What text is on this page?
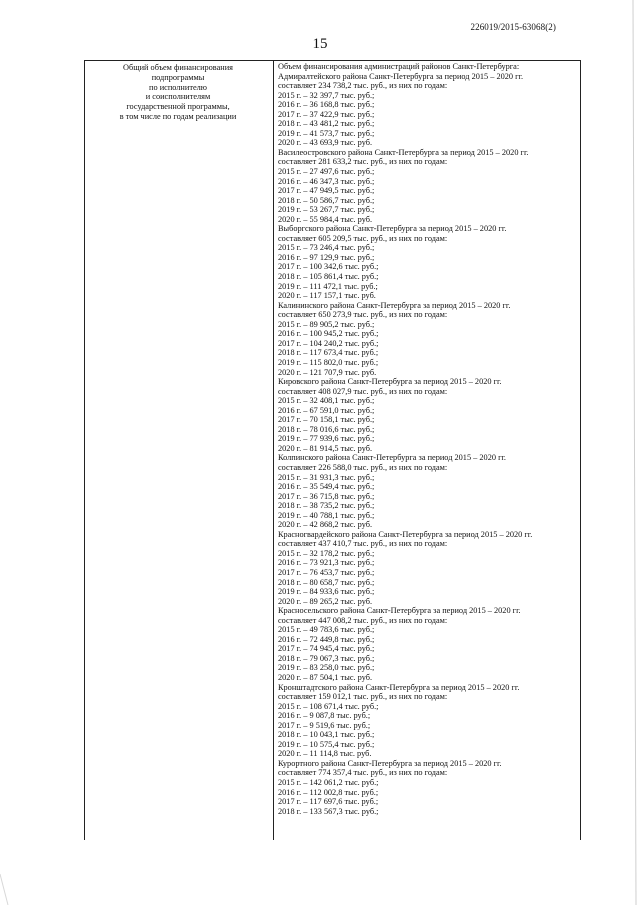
226019/2015-63068(2)
15
Общий объем финансирования
подпрограммы
по исполнителю
и соисполнителям
государственной программы,
в том числе по годам реализации
Объем финансирования администраций районов Санкт-Петербурга:
Адмиралтейского района Санкт-Петербурга за период 2015 – 2020 гг.
составляет 234 738,2 тыс. руб., из них по годам:
2015 г. – 32 397,7 тыс. руб.;
2016 г. – 36 168,8 тыс. руб.;
2017 г. – 37 422,9 тыс. руб.;
2018 г. – 43 481,2 тыс. руб.;
2019 г. – 41 573,7 тыс. руб.;
2020 г. – 43 693,9 тыс. руб.
Василеостровского района Санкт-Петербурга за период 2015 – 2020 гг.
составляет 281 633,2 тыс. руб., из них по годам:
2015 г. – 27 497,6 тыс. руб.;
2016 г. – 46 347,3 тыс. руб.;
2017 г. – 47 949,5 тыс. руб.;
2018 г. – 50 586,7 тыс. руб.;
2019 г. – 53 267,7 тыс. руб.;
2020 г. – 55 984,4 тыс. руб.
Выборгского района Санкт-Петербурга за период 2015 – 2020 гг.
составляет 605 209,5 тыс. руб., из них по годам:
2015 г. – 73 246,4 тыс. руб.;
2016 г. – 97 129,9 тыс. руб.;
2017 г. – 100 342,6 тыс. руб.;
2018 г. – 105 861,4 тыс. руб.;
2019 г. – 111 472,1 тыс. руб.;
2020 г. – 117 157,1 тыс. руб.
Калининского района Санкт-Петербурга за период 2015 – 2020 гг.
составляет 650 273,9 тыс. руб., из них по годам:
2015 г. – 89 905,2 тыс. руб.;
2016 г. – 100 945,2 тыс. руб.;
2017 г. – 104 240,2 тыс. руб.;
2018 г. – 117 673,4 тыс. руб.;
2019 г. – 115 802,0 тыс. руб.;
2020 г. – 121 707,9 тыс. руб.
Кировского района Санкт-Петербурга за период 2015 – 2020 гг.
составляет 408 027,9 тыс. руб., из них по годам:
2015 г. – 32 408,1 тыс. руб.;
2016 г. – 67 591,0 тыс. руб.;
2017 г. – 70 158,1 тыс. руб.;
2018 г. – 78 016,6 тыс. руб.;
2019 г. – 77 939,6 тыс. руб.;
2020 г. – 81 914,5 тыс. руб.
Колпинского района Санкт-Петербурга за период 2015 – 2020 гг.
составляет 226 588,0 тыс. руб., из них по годам:
2015 г. – 31 931,3 тыс. руб.;
2016 г. – 35 549,4 тыс. руб.;
2017 г. – 36 715,8 тыс. руб.;
2018 г. – 38 735,2 тыс. руб.;
2019 г. – 40 788,1 тыс. руб.;
2020 г. – 42 868,2 тыс. руб.
Красногвардейского района Санкт-Петербурга за период 2015 – 2020 гг.
составляет 437 410,7 тыс. руб., из них по годам:
2015 г. – 32 178,2 тыс. руб.;
2016 г. – 73 921,3 тыс. руб.;
2017 г. – 76 453,7 тыс. руб.;
2018 г. – 80 658,7 тыс. руб.;
2019 г. – 84 933,6 тыс. руб.;
2020 г. – 89 265,2 тыс. руб.
Красносельского района Санкт-Петербурга за период 2015 – 2020 гг.
составляет 447 008,2 тыс. руб., из них по годам:
2015 г. – 49 783,6 тыс. руб.;
2016 г. – 72 449,8 тыс. руб.;
2017 г. – 74 945,4 тыс. руб.;
2018 г. – 79 067,3 тыс. руб.;
2019 г. – 83 258,0 тыс. руб.;
2020 г. – 87 504,1 тыс. руб.
Кронштадтского района Санкт-Петербурга за период 2015 – 2020 гг.
составляет 159 012,1 тыс. руб., из них по годам:
2015 г. – 108 671,4 тыс. руб.;
2016 г. – 9 087,8 тыс. руб.;
2017 г. – 9 519,6 тыс. руб.;
2018 г. – 10 043,1 тыс. руб.;
2019 г. – 10 575,4 тыс. руб.;
2020 г. – 11 114,8 тыс. руб.
Курортного района Санкт-Петербурга за период 2015 – 2020 гг.
составляет 774 357,4 тыс. руб., из них по годам:
2015 г. – 142 061,2 тыс. руб.;
2016 г. – 112 002,8 тыс. руб.;
2017 г. – 117 697,6 тыс. руб.;
2018 г. – 133 567,3 тыс. руб.;
